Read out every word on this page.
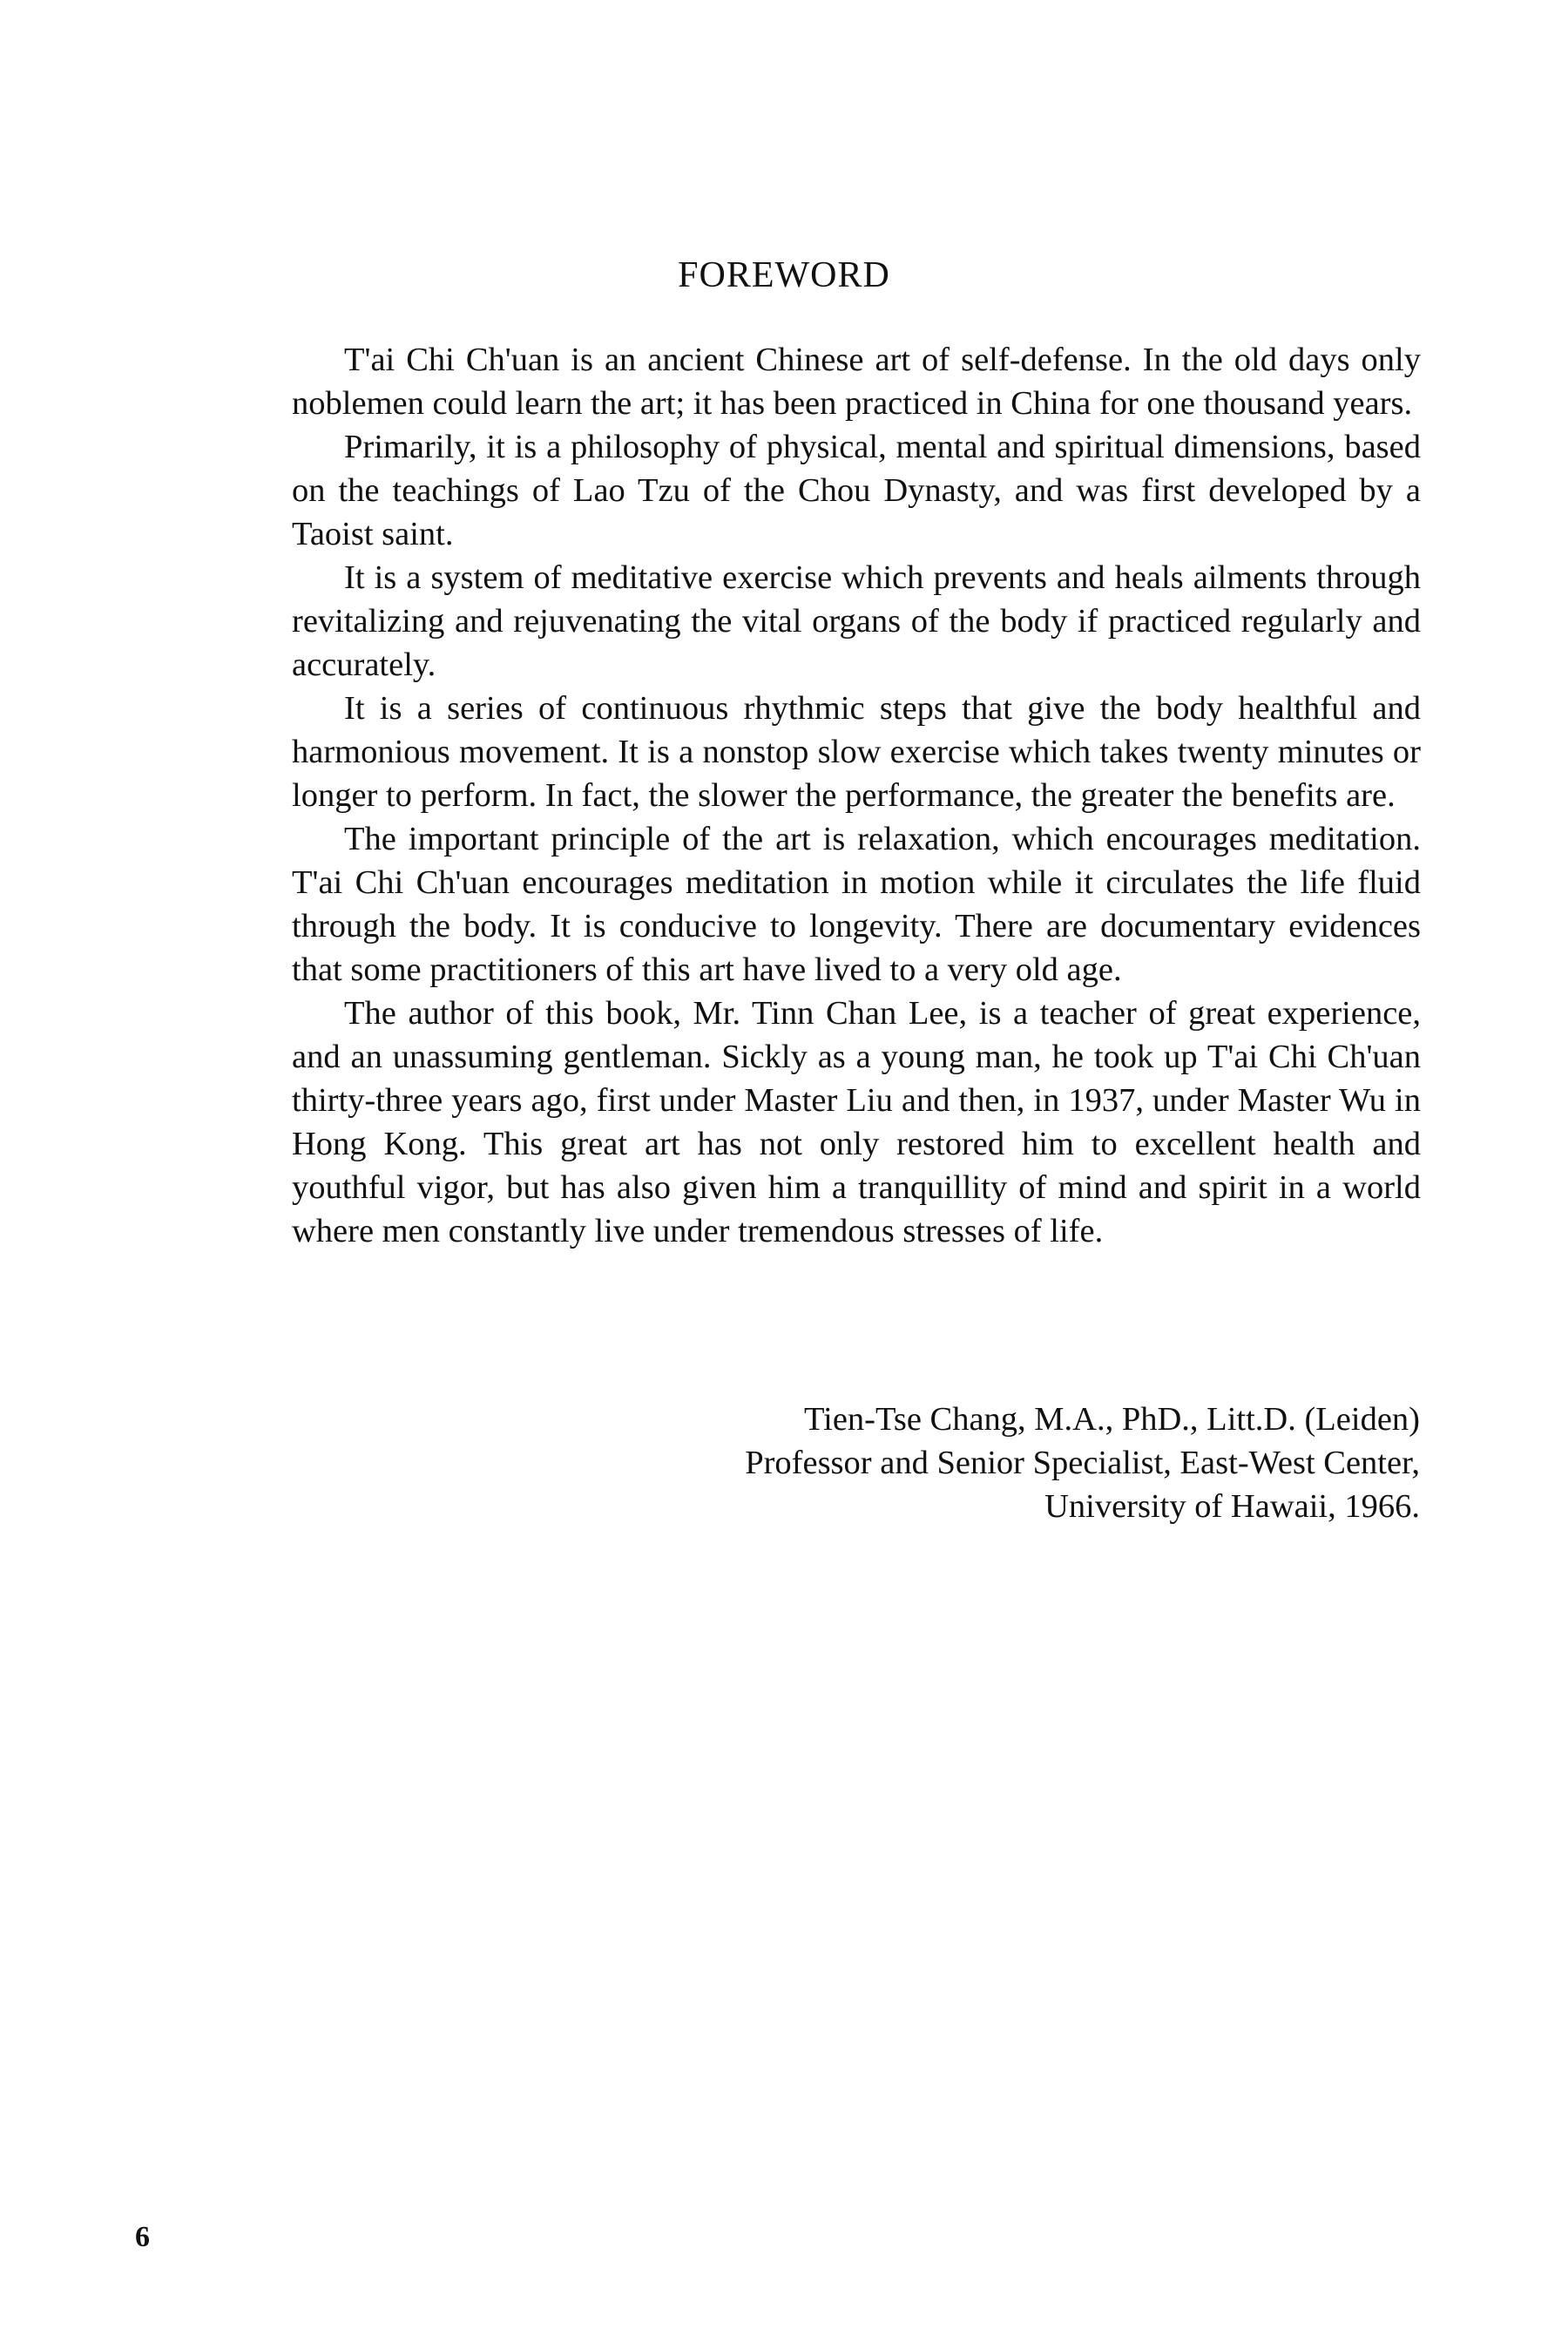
FOREWORD

T'ai Chi Ch'uan is an ancient Chinese art of self-defense. In the old days only noblemen could learn the art; it has been practiced in China for one thousand years.

Primarily, it is a philosophy of physical, mental and spiritual dimensions, based on the teachings of Lao Tzu of the Chou Dynasty, and was first developed by a Taoist saint.

It is a system of meditative exercise which prevents and heals ailments through revitalizing and rejuvenating the vital organs of the body if practiced regularly and accurately.

It is a series of continuous rhythmic steps that give the body healthful and harmonious movement. It is a nonstop slow exercise which takes twenty minutes or longer to perform. In fact, the slower the performance, the greater the benefits are.

The important principle of the art is relaxation, which encourages meditation. T'ai Chi Ch'uan encourages meditation in motion while it circulates the life fluid through the body. It is conducive to longevity. There are documentary evidences that some practitioners of this art have lived to a very old age.

The author of this book, Mr. Tinn Chan Lee, is a teacher of great experience, and an unassuming gentleman. Sickly as a young man, he took up T'ai Chi Ch'uan thirty-three years ago, first under Master Liu and then, in 1937, under Master Wu in Hong Kong. This great art has not only restored him to excellent health and youthful vigor, but has also given him a tranquillity of mind and spirit in a world where men constantly live under tremendous stresses of life.

Tien-Tse Chang, M.A., PhD., Litt.D. (Leiden)
Professor and Senior Specialist, East-West Center,
University of Hawaii, 1966.
6
